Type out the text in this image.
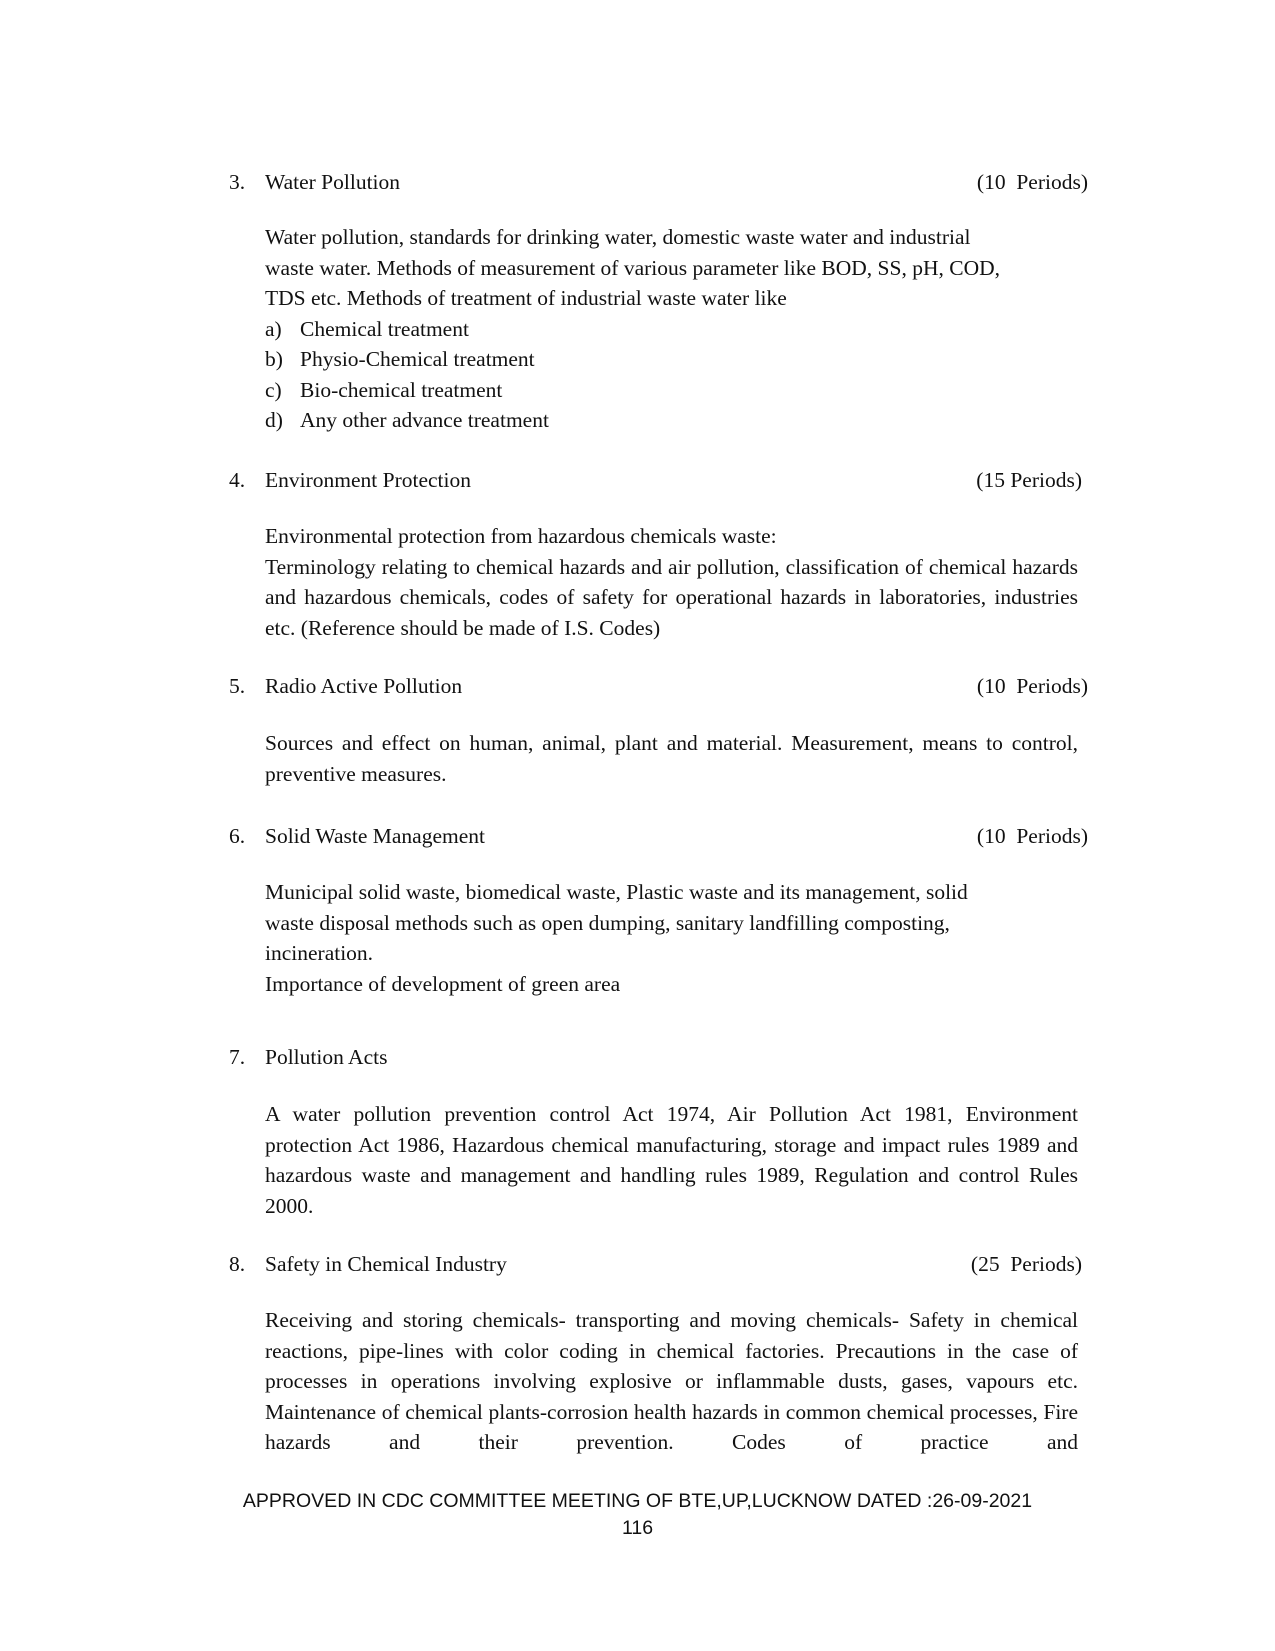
3. Water Pollution	(10  Periods)
Water pollution, standards for drinking water, domestic waste water and industrial
waste water. Methods of measurement of various parameter like BOD, SS, pH, COD,
TDS etc. Methods of treatment of industrial waste water like
a) Chemical treatment
b) Physio-Chemical treatment
c) Bio-chemical treatment
d) Any other advance treatment
4. Environment Protection	(15 Periods)
Environmental protection from hazardous chemicals waste:
Terminology relating to chemical hazards and air pollution, classification of chemical hazards and hazardous chemicals, codes of safety for operational hazards in laboratories, industries etc. (Reference should be made of I.S. Codes)
5. Radio Active Pollution	(10  Periods)
Sources and effect on human, animal, plant and material. Measurement, means to control, preventive measures.
6. Solid Waste Management	(10  Periods)
Municipal solid waste, biomedical waste, Plastic waste and its management, solid
waste disposal methods such as open dumping, sanitary landfilling composting,
incineration.
Importance of development of green area
7. Pollution Acts
A water pollution prevention control Act 1974, Air Pollution Act 1981, Environment protection Act 1986, Hazardous chemical manufacturing, storage and impact rules 1989 and hazardous waste and management and handling rules 1989, Regulation and control Rules 2000.
8. Safety in Chemical Industry	(25  Periods)
Receiving and storing chemicals- transporting and moving chemicals- Safety in chemical reactions, pipe-lines with color coding in chemical factories. Precautions in the case of processes in operations involving explosive or inflammable dusts, gases, vapours etc. Maintenance of chemical plants-corrosion health hazards in common chemical processes, Fire hazards and their prevention. Codes of practice and
APPROVED IN CDC COMMITTEE MEETING OF BTE,UP,LUCKNOW DATED :26-09-2021
116
